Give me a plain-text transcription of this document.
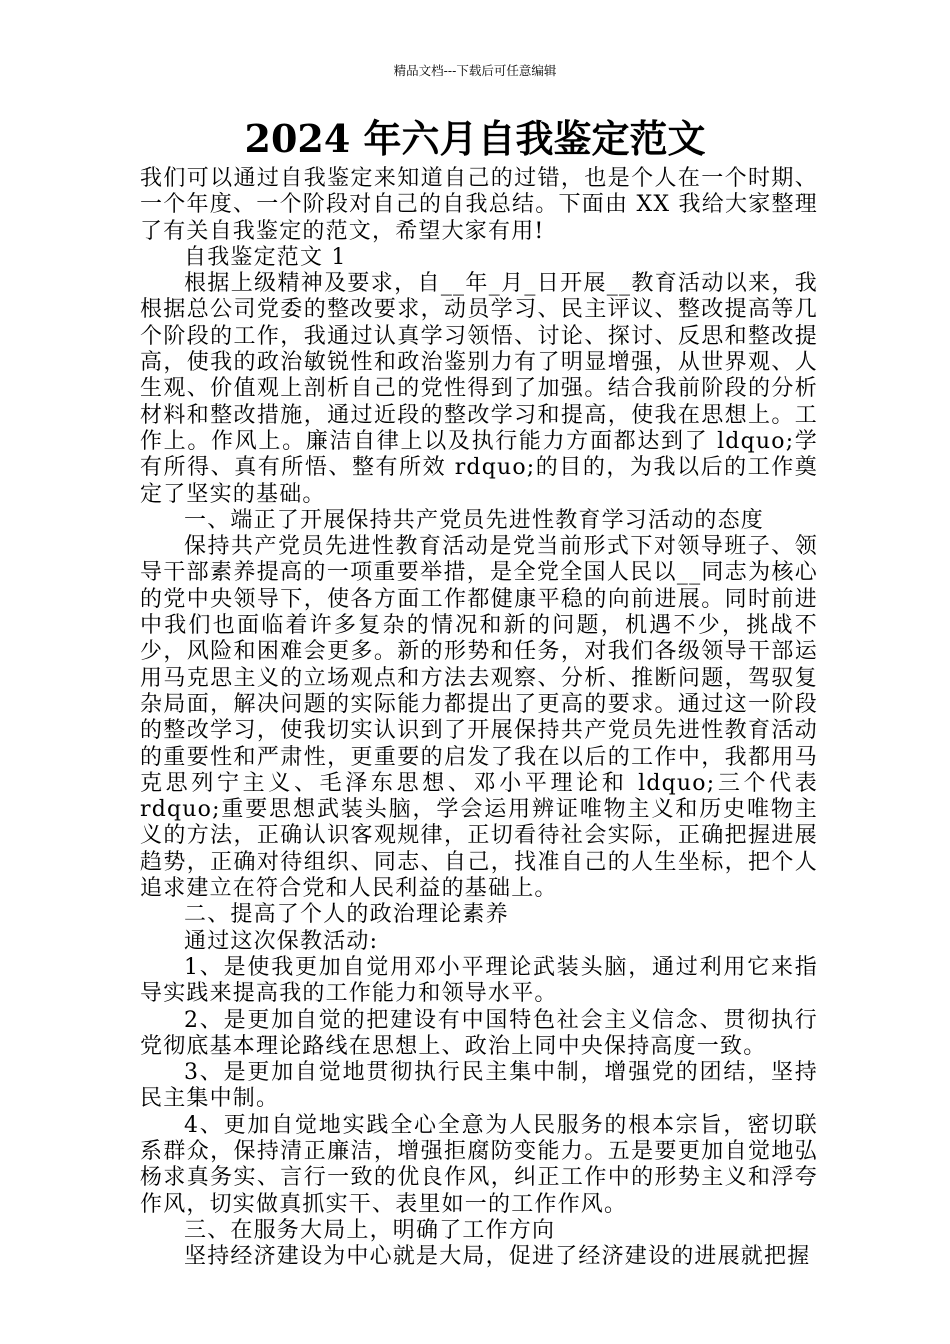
精品文档---下载后可任意编辑
2024 年六月自我鉴定范文

我们可以通过自我鉴定来知道自己的过错，也是个人在一个时期、一个年度、一个阶段对自己的自我总结。下面由 XX 我给大家整理了有关自我鉴定的范文，希望大家有用!

自我鉴定范文 1

根据上级精神及要求，自__年_月_日开展__教育活动以来，我根据总公司党委的整改要求，动员学习、民主评议、整改提高等几个阶段的工作，我通过认真学习领悟、讨论、探讨、反思和整改提高，使我的政治敏锐性和政治鉴别力有了明显增强，从世界观、人生观、价值观上剖析自己的党性得到了加强。结合我前阶段的分析材料和整改措施，通过近段的整改学习和提高，使我在思想上。工作上。作风上。廉洁自律上以及执行能力方面都达到了 ldquo;学有所得、真有所悟、整有所效 rdquo;的目的，为我以后的工作奠定了坚实的基础。

一、端正了开展保持共产党员先进性教育学习活动的态度

保持共产党员先进性教育活动是党当前形式下对领导班子、领导干部素养提高的一项重要举措，是全党全国人民以__同志为核心的党中央领导下，使各方面工作都健康平稳的向前进展。同时前进中我们也面临着许多复杂的情况和新的问题，机遇不少，挑战不少，风险和困难会更多。新的形势和任务，对我们各级领导干部运用马克思主义的立场观点和方法去观察、分析、推断问题，驾驭复杂局面，解决问题的实际能力都提出了更高的要求。通过这一阶段的整改学习，使我切实认识到了开展保持共产党员先进性教育活动的重要性和严肃性，更重要的启发了我在以后的工作中，我都用马克思列宁主义、毛泽东思想、邓小平理论和 ldquo;三个代表 rdquo;重要思想武装头脑，学会运用辨证唯物主义和历史唯物主义的方法，正确认识客观规律，正切看待社会实际，正确把握进展趋势，正确对待组织、同志、自己，找准自己的人生坐标，把个人追求建立在符合党和人民利益的基础上。

二、提高了个人的政治理论素养

通过这次保教活动:

1、是使我更加自觉用邓小平理论武装头脑，通过利用它来指导实践来提高我的工作能力和领导水平。

2、是更加自觉的把建设有中国特色社会主义信念、贯彻执行党彻底基本理论路线在思想上、政治上同中央保持高度一致。

3、是更加自觉地贯彻执行民主集中制，增强党的团结，坚持民主集中制。

4、更加自觉地实践全心全意为人民服务的根本宗旨，密切联系群众，保持清正廉洁，增强拒腐防变能力。五是要更加自觉地弘杨求真务实、言行一致的优良作风，纠正工作中的形势主义和浮夸作风，切实做真抓实干、表里如一的工作作风。

三、在服务大局上，明确了工作方向

坚持经济建设为中心就是大局，促进了经济建设的进展就把握
